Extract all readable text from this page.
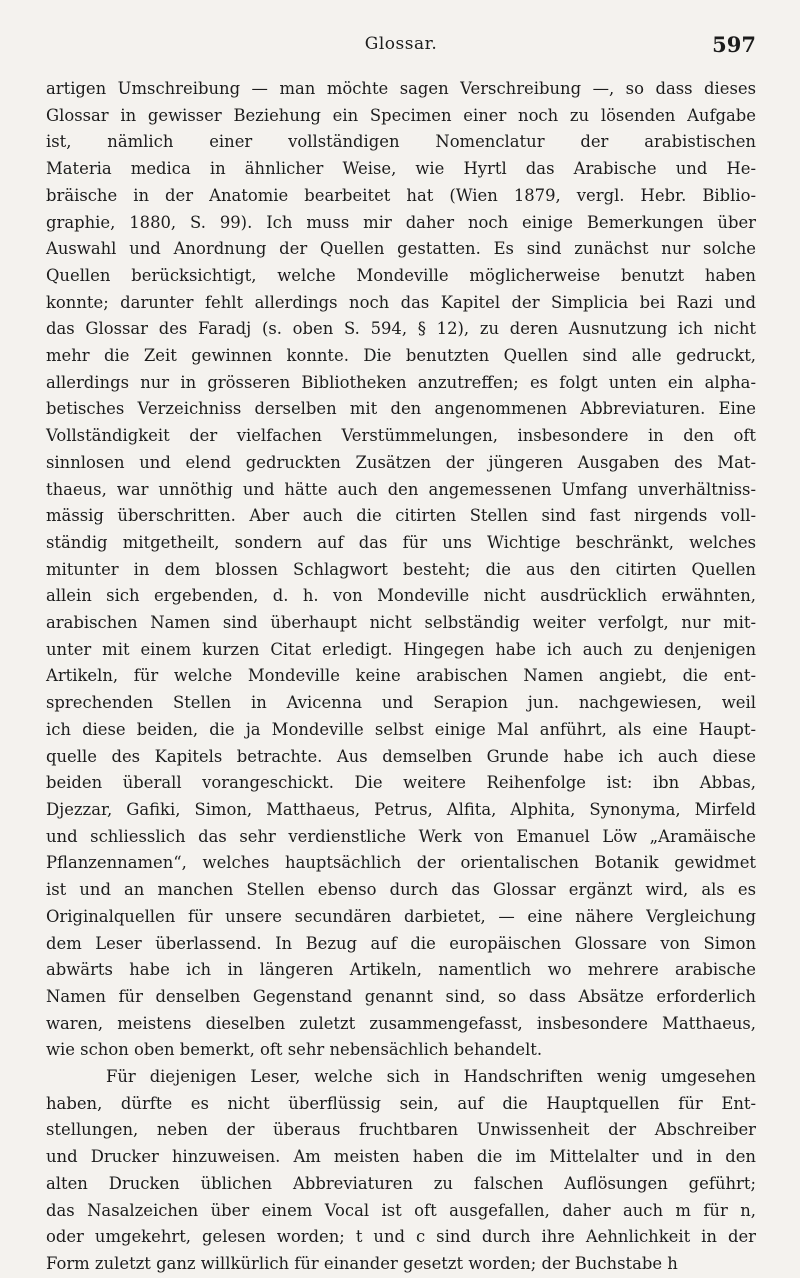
Glossar.	597
artigen Umschreibung — man möchte sagen Verschreibung —, so dass dieses
Glossar in gewisser Beziehung ein Specimen einer noch zu lösenden Aufgabe
ist, nämlich einer vollständigen Nomenclatur der arabistischen
Materia medica in ähnlicher Weise, wie Hyrtl das Arabische und He-
bräische in der Anatomie bearbeitet hat (Wien 1879, vergl. Hebr. Biblio-
graphie, 1880, S. 99). Ich muss mir daher noch einige Bemerkungen über
Auswahl und Anordnung der Quellen gestatten. Es sind zunächst nur solche
Quellen berücksichtigt, welche Mondeville möglicherweise benutzt haben
konnte; darunter fehlt allerdings noch das Kapitel der Simplicia bei Razi und
das Glossar des Faradj (s. oben S. 594, § 12), zu deren Ausnutzung ich nicht
mehr die Zeit gewinnen konnte. Die benutzten Quellen sind alle gedruckt,
allerdings nur in grösseren Bibliotheken anzutreffen; es folgt unten ein alpha-
betisches Verzeichniss derselben mit den angenommenen Abbreviaturen. Eine
Vollständigkeit der vielfachen Verstümmelungen, insbesondere in den oft
sinnlosen und elend gedruckten Zusätzen der jüngeren Ausgaben des Mat-
thaeus, war unnöthig und hätte auch den angemessenen Umfang unverhältniss-
mässig überschritten. Aber auch die citirten Stellen sind fast nirgends voll-
ständig mitgetheilt, sondern auf das für uns Wichtige beschränkt, welches
mitunter in dem blossen Schlagwort besteht; die aus den citirten Quellen
allein sich ergebenden, d. h. von Mondeville nicht ausdrücklich erwähnten,
arabischen Namen sind überhaupt nicht selbständig weiter verfolgt, nur mit-
unter mit einem kurzen Citat erledigt. Hingegen habe ich auch zu denjenigen
Artikeln, für welche Mondeville keine arabischen Namen angiebt, die ent-
sprechenden Stellen in Avicenna und Serapion jun. nachgewiesen, weil
ich diese beiden, die ja Mondeville selbst einige Mal anführt, als eine Haupt-
quelle des Kapitels betrachte. Aus demselben Grunde habe ich auch diese
beiden überall vorangeschickt. Die weitere Reihenfolge ist: ibn Abbas,
Djezzar, Gafiki, Simon, Matthaeus, Petrus, Alfita, Alphita, Synonyma, Mirfeld
und schliesslich das sehr verdienstliche Werk von Emanuel Löw „Aramäische
Pflanzennamen“, welches hauptsächlich der orientalischen Botanik gewidmet
ist und an manchen Stellen ebenso durch das Glossar ergänzt wird, als es
Originalquellen für unsere secundären darbietet, — eine nähere Vergleichung
dem Leser überlassend. In Bezug auf die europäischen Glossare von Simon
abwärts habe ich in längeren Artikeln, namentlich wo mehrere arabische
Namen für denselben Gegenstand genannt sind, so dass Absätze erforderlich
waren, meistens dieselben zuletzt zusammengefasst, insbesondere Matthaeus,
wie schon oben bemerkt, oft sehr nebensächlich behandelt.
Für diejenigen Leser, welche sich in Handschriften wenig umgesehen
haben, dürfte es nicht überflüssig sein, auf die Hauptquellen für Ent-
stellungen, neben der überaus fruchtbaren Unwissenheit der Abschreiber
und Drucker hinzuweisen. Am meisten haben die im Mittelalter und in den
alten Drucken üblichen Abbreviaturen zu falschen Auflösungen geführt;
das Nasalzeichen über einem Vocal ist oft ausgefallen, daher auch m für n,
oder umgekehrt, gelesen worden; t und c sind durch ihre Aehnlichkeit in der
Form zuletzt ganz willkürlich für einander gesetzt worden; der Buchstabe h
